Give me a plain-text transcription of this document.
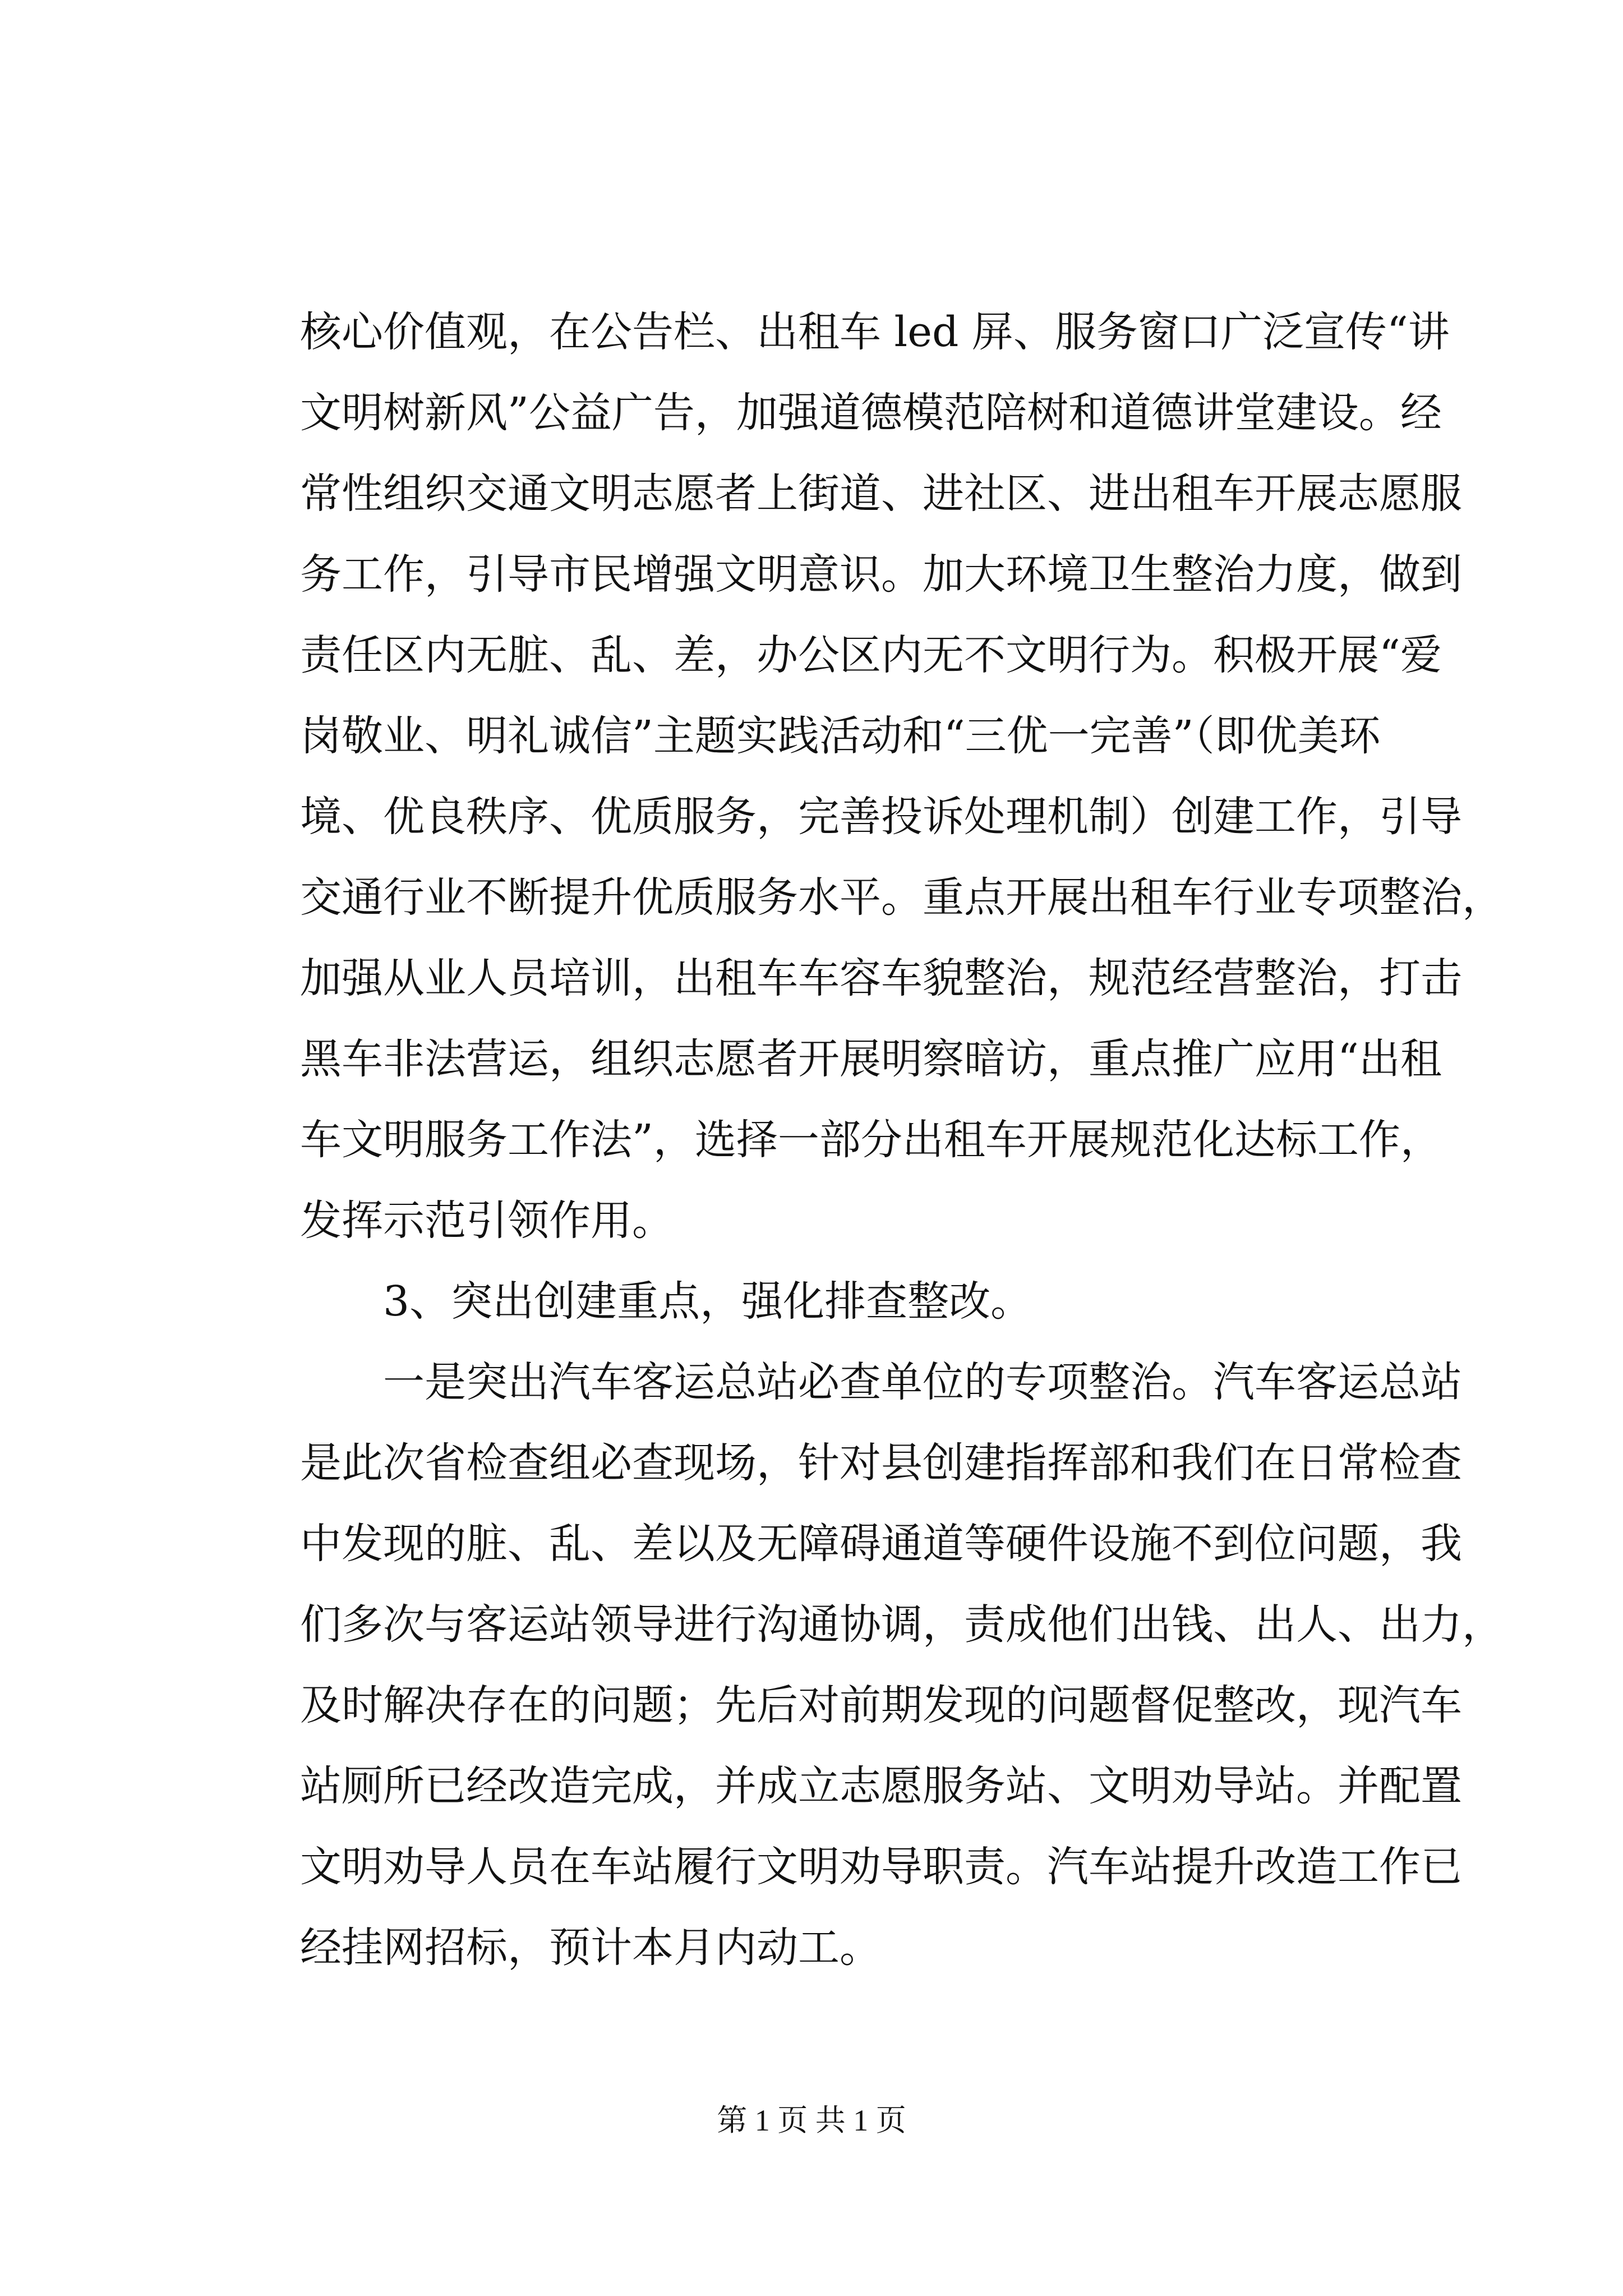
核心价值观，在公告栏、出租车 led 屏、服务窗口广泛宣传“讲
文明树新风”公益广告，加强道德模范陪树和道德讲堂建设。经
常性组织交通文明志愿者上街道、进社区、进出租车开展志愿服
务工作，引导市民增强文明意识。加大环境卫生整治力度，做到
责任区内无脏、乱、差，办公区内无不文明行为。积极开展“爱
岗敬业、明礼诚信”主题实践活动和“三优一完善”（即优美环
境、优良秩序、优质服务，完善投诉处理机制）创建工作，引导
交通行业不断提升优质服务水平。重点开展出租车行业专项整治，
加强从业人员培训，出租车车容车貌整治，规范经营整治，打击
黑车非法营运，组织志愿者开展明察暗访，重点推广应用“出租
车文明服务工作法”，选择一部分出租车开展规范化达标工作，
发挥示范引领作用。
3、突出创建重点，强化排查整改。
一是突出汽车客运总站必查单位的专项整治。汽车客运总站
是此次省检查组必查现场，针对县创建指挥部和我们在日常检查
中发现的脏、乱、差以及无障碍通道等硬件设施不到位问题，我
们多次与客运站领导进行沟通协调，责成他们出钱、出人、出力，
及时解决存在的问题；先后对前期发现的问题督促整改，现汽车
站厕所已经改造完成，并成立志愿服务站、文明劝导站。并配置
文明劝导人员在车站履行文明劝导职责。汽车站提升改造工作已
经挂网招标，预计本月内动工。
第 1 页 共 1 页
